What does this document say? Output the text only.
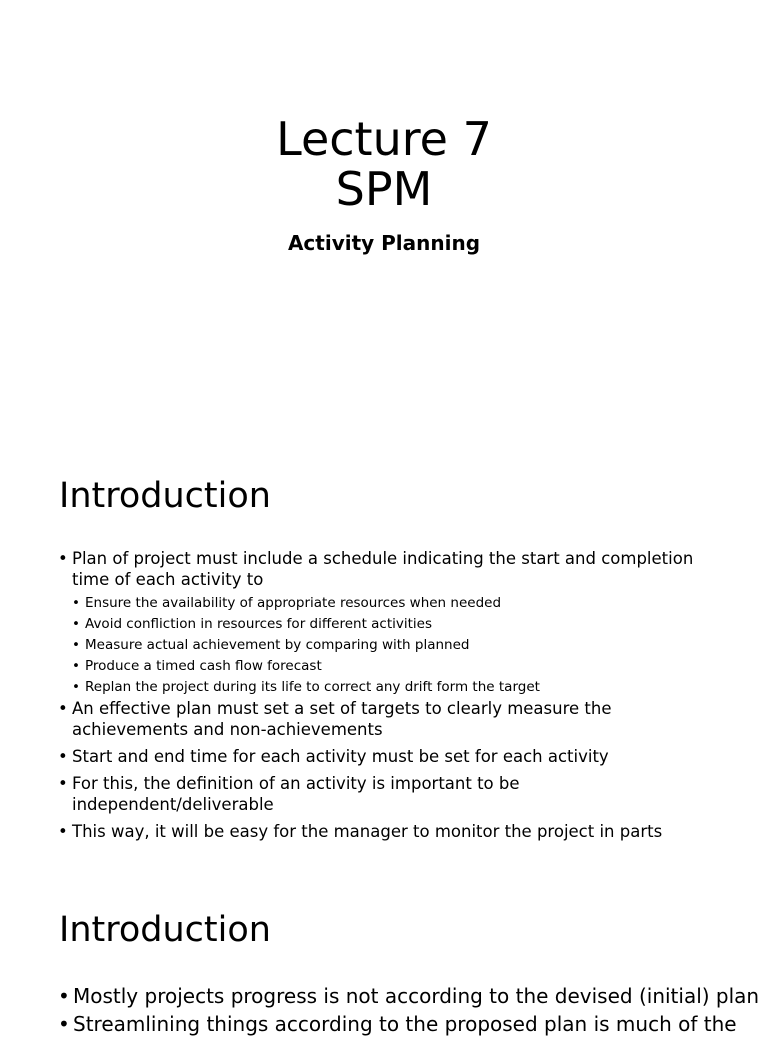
Lecture 7
SPM
Activity Planning
Introduction
• Plan of project must include a schedule indicating the start and completion time of each activity to
• Ensure the availability of appropriate resources when needed
• Avoid confliction in resources for different activities
• Measure actual achievement by comparing with planned
• Produce a timed cash flow forecast
• Replan the project during its life to correct any drift form the target
• An effective plan must set a set of targets to clearly measure the achievements and non-achievements
• Start and end time for each activity must be set for each activity
• For this, the definition of an activity is important to be independent/deliverable
• This way, it will be easy for the manager to monitor the project in parts
Introduction
• Mostly projects progress is not according to the devised (initial) plan
• Streamlining things according to the proposed plan is much of the
